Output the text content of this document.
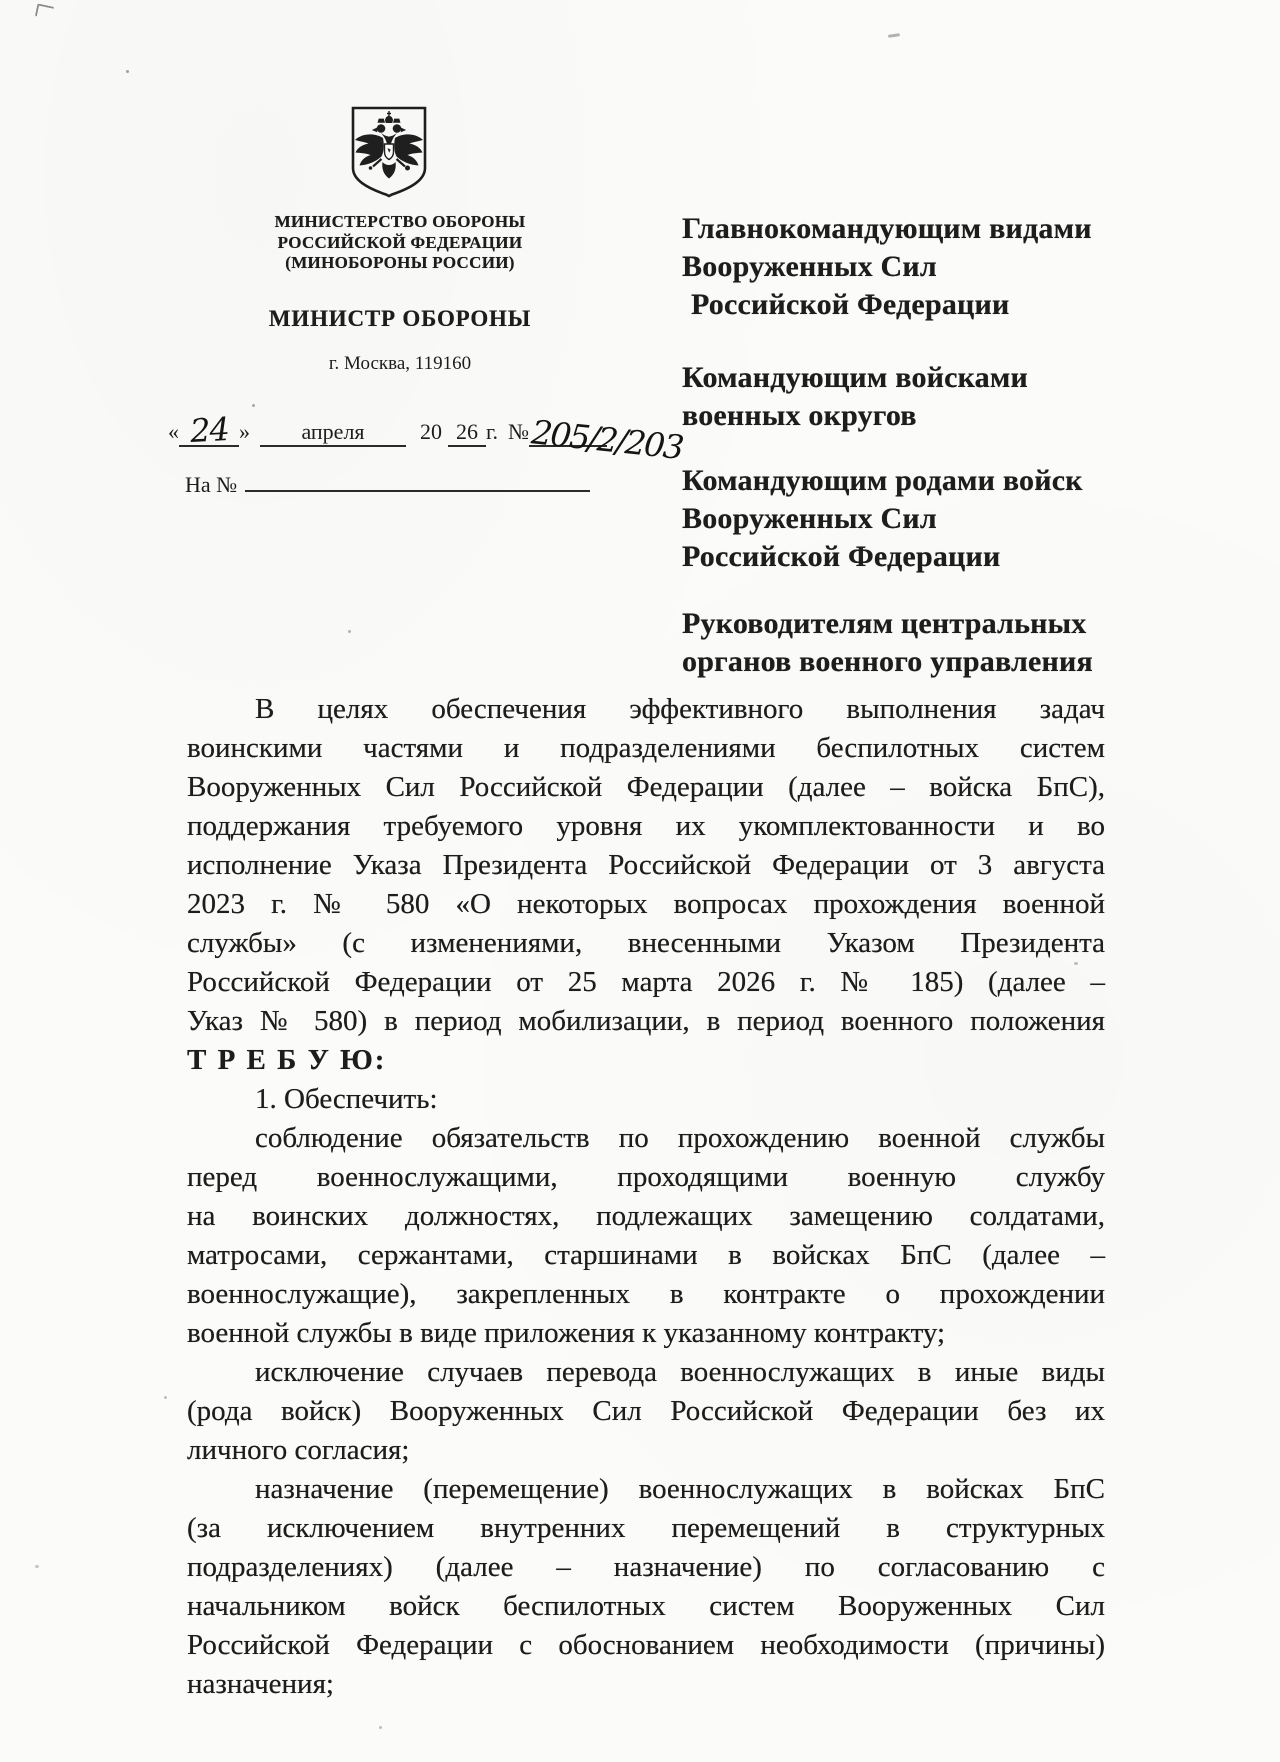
МИНИСТЕРСТВО ОБОРОНЫ
РОССИЙСКОЙ ФЕДЕРАЦИИ
(МИНОБОРОНЫ РОССИИ)
МИНИСТР ОБОРОНЫ
г. Москва, 119160
« 24 » апреля	20 26 г. №205/2/203
На №
Главнокомандующим видами
Вооруженных Сил
Российской Федерации
Командующим войсками
военных округов
Командующим родами войск
Вооруженных Сил
Российской Федерации
Руководителям центральных
органов военного управления
В целях обеспечения эффективного выполнения задач
воинскими частями и подразделениями беспилотных систем
Вооруженных Сил Российской Федерации (далее – войска БпС),
поддержания требуемого уровня их укомплектованности и во
исполнение Указа Президента Российской Федерации от 3 августа
2023 г. № 580 «О некоторых вопросах прохождения военной
службы» (с изменениями, внесенными Указом Президента
Российской Федерации от 25 марта 2026 г. № 185) (далее –
Указ № 580) в период мобилизации, в период военного положения
Т Р Е Б У Ю:
1. Обеспечить:
соблюдение обязательств по прохождению военной службы
перед военнослужащими, проходящими военную службу
на воинских должностях, подлежащих замещению солдатами,
матросами, сержантами, старшинами в войсках БпС (далее –
военнослужащие), закрепленных в контракте о прохождении
военной службы в виде приложения к указанному контракту;
исключение случаев перевода военнослужащих в иные виды
(рода войск) Вооруженных Сил Российской Федерации без их
личного согласия;
назначение (перемещение) военнослужащих в войсках БпС
(за исключением внутренних перемещений в структурных
подразделениях) (далее – назначение) по согласованию с
начальником войск беспилотных систем Вооруженных Сил
Российской Федерации с обоснованием необходимости (причины)
назначения;
